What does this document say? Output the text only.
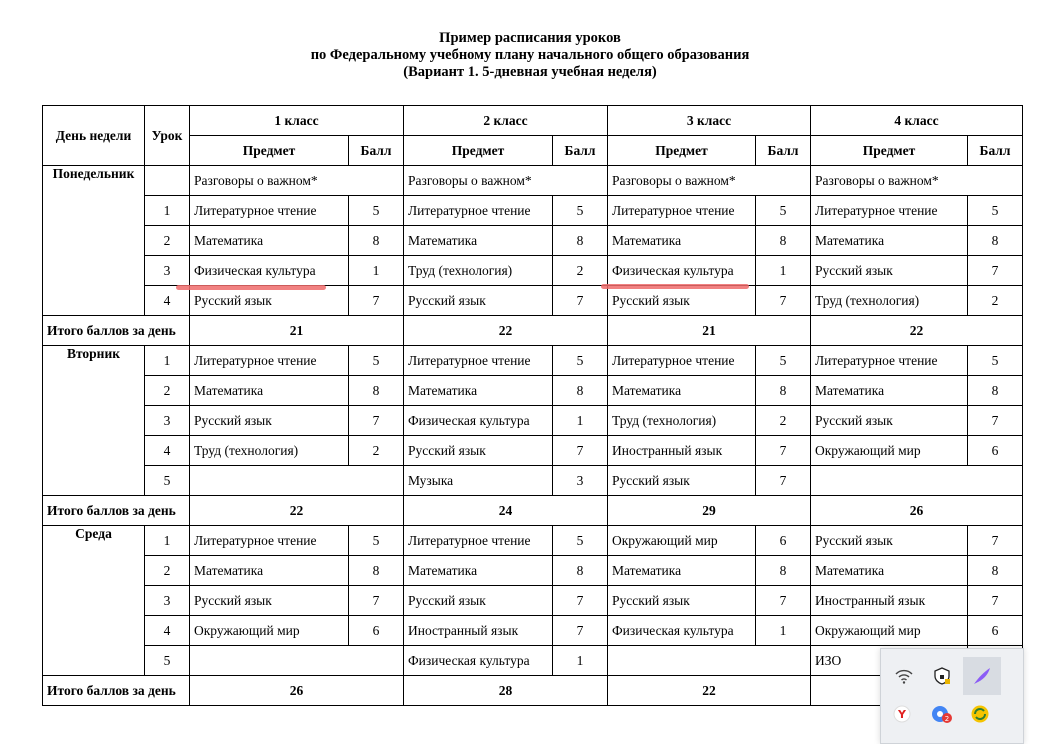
Пример расписания уроков
по Федеральному учебному плану начального общего образования
(Вариант 1. 5-дневная учебная неделя)
День недели	Урок	1 класс		2 класс		3 класс		4 класс	
		Предмет	Балл	Предмет	Балл	Предмет	Балл	Предмет	Балл
Понедельник		Разговоры о важном*		Разговоры о важном*		Разговоры о важном*		Разговоры о важном*	
	1	Литературное чтение	5	Литературное чтение	5	Литературное чтение	5	Литературное чтение	5
	2	Математика	8	Математика	8	Математика	8	Математика	8
	3	Физическая культура	1	Труд (технология)	2	Физическая культура	1	Русский язык	7
	4	Русский язык	7	Русский язык	7	Русский язык	7	Труд (технология)	2
Итого баллов за день		21		22		21		22	
Вторник	1	Литературное чтение	5	Литературное чтение	5	Литературное чтение	5	Литературное чтение	5
	2	Математика	8	Математика	8	Математика	8	Математика	8
	3	Русский язык	7	Физическая культура	1	Труд (технология)	2	Русский язык	7
	4	Труд (технология)	2	Русский язык	7	Иностранный язык	7	Окружающий мир	6
	5			Музыка	3	Русский язык	7		
Итого баллов за день		22		24		29		26	
Среда	1	Литературное чтение	5	Литературное чтение	5	Окружающий мир	6	Русский язык	7
	2	Математика	8	Математика	8	Математика	8	Математика	8
	3	Русский язык	7	Русский язык	7	Русский язык	7	Иностранный язык	7
	4	Окружающий мир	6	Иностранный язык	7	Физическая культура	1	Окружающий мир	6
	5			Физическая культура	1			ИЗО	
Итого баллов за день		26		28		22			
Y	2
